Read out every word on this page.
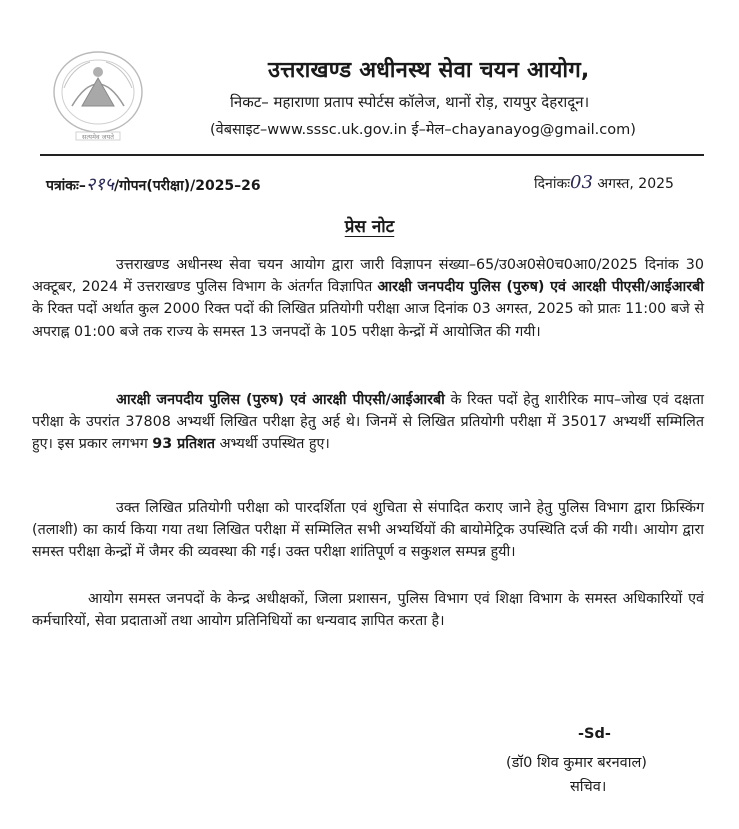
सत्यमेव जयते
उत्तराखण्ड अधीनस्थ सेवा चयन आयोग,
निकट– महाराणा प्रताप स्पोर्टस कॉलेज, थानों रोड़, रायपुर देहरादून।
(वेबसाइट–www.sssc.uk.gov.in ई–मेल–chayanayog@gmail.com)
पत्रांकः–२१५/गोपन(परीक्षा)/2025–26	दिनांकः03 अगस्त, 2025
प्रेस नोट
उत्तराखण्ड अधीनस्थ सेवा चयन आयोग द्वारा जारी विज्ञापन संख्या–65/उ0अ0से0च0आ0/2025 दिनांक 30 अक्टूबर, 2024 में उत्तराखण्ड पुलिस विभाग के अंतर्गत विज्ञापित आरक्षी जनपदीय पुलिस (पुरुष) एवं आरक्षी पीएसी/आईआरबी के रिक्त पदों अर्थात कुल 2000 रिक्त पदों की लिखित प्रतियोगी परीक्षा आज दिनांक 03 अगस्त, 2025 को प्रातः 11:00 बजे से अपराह्न 01:00 बजे तक राज्य के समस्त 13 जनपदों के 105 परीक्षा केन्द्रों में आयोजित की गयी।
आरक्षी जनपदीय पुलिस (पुरुष) एवं आरक्षी पीएसी/आईआरबी के रिक्त पदों हेतु शारीरिक माप–जोख एवं दक्षता परीक्षा के उपरांत 37808 अभ्यर्थी लिखित परीक्षा हेतु अर्ह थे। जिनमें से लिखित प्रतियोगी परीक्षा में 35017 अभ्यर्थी सम्मिलित हुए। इस प्रकार लगभग 93 प्रतिशत अभ्यर्थी उपस्थित हुए।
उक्त लिखित प्रतियोगी परीक्षा को पारदर्शिता एवं शुचिता से संपादित कराए जाने हेतु पुलिस विभाग द्वारा फ्रिस्किंग (तलाशी) का कार्य किया गया तथा लिखित परीक्षा में सम्मिलित सभी अभ्यर्थियों की बायोमेट्रिक उपस्थिति दर्ज की गयी। आयोग द्वारा समस्त परीक्षा केन्द्रों में जैमर की व्यवस्था की गई। उक्त परीक्षा शांतिपूर्ण व सकुशल सम्पन्न हुयी।
आयोग समस्त जनपदों के केन्द्र अधीक्षकों, जिला प्रशासन, पुलिस विभाग एवं शिक्षा विभाग के समस्त अधिकारियों एवं कर्मचारियों, सेवा प्रदाताओं तथा आयोग प्रतिनिधियों का धन्यवाद ज्ञापित करता है।
-Sd-
(डॉ0 शिव कुमार बरनवाल)
सचिव।
